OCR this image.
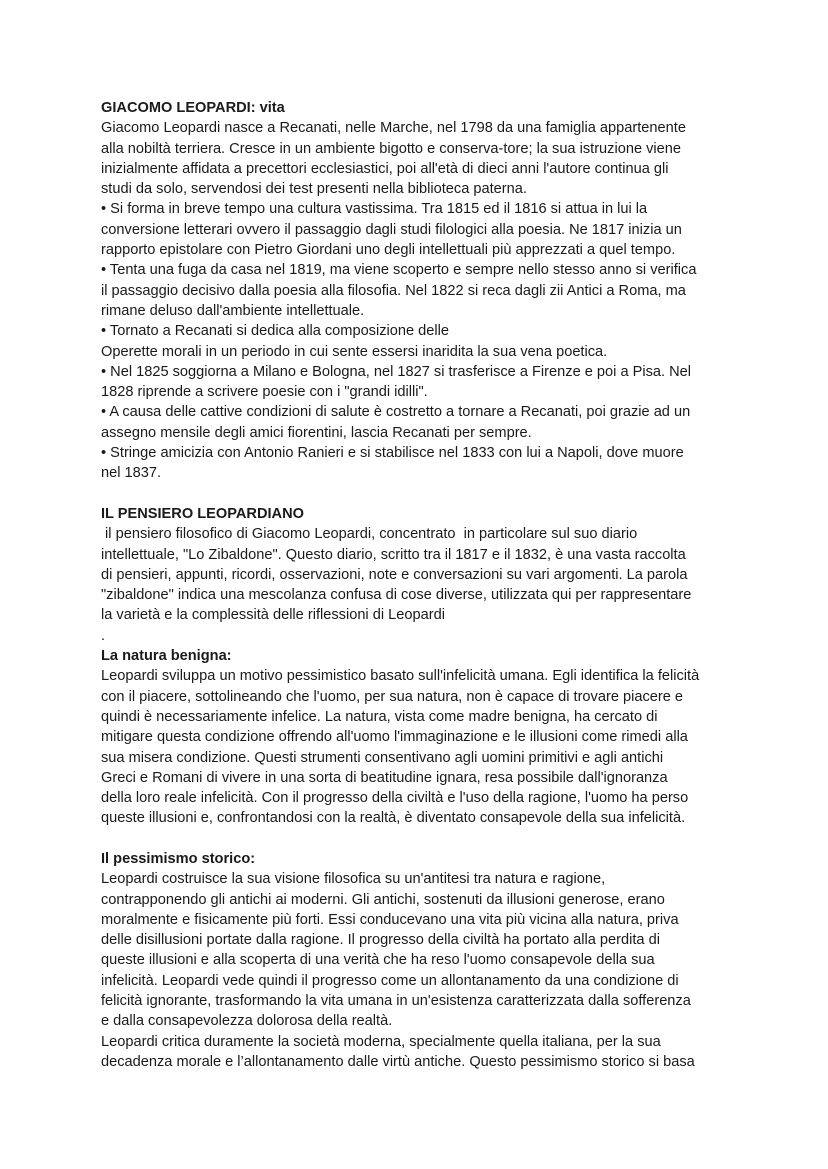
GIACOMO LEOPARDI: vita
Giacomo Leopardi nasce a Recanati, nelle Marche, nel 1798 da una famiglia appartenente
alla nobiltà terriera. Cresce in un ambiente bigotto e conserva-tore; la sua istruzione viene
inizialmente affidata a precettori ecclesiastici, poi all'età di dieci anni l'autore continua gli
studi da solo, servendosi dei test presenti nella biblioteca paterna.
• Si forma in breve tempo una cultura vastissima. Tra 1815 ed il 1816 si attua in lui la
conversione letterari ovvero il passaggio dagli studi filologici alla poesia. Ne 1817 inizia un
rapporto epistolare con Pietro Giordani uno degli intellettuali più apprezzati a quel tempo.
• Tenta una fuga da casa nel 1819, ma viene scoperto e sempre nello stesso anno si verifica
il passaggio decisivo dalla poesia alla filosofia. Nel 1822 si reca dagli zii Antici a Roma, ma
rimane deluso dall'ambiente intellettuale.
• Tornato a Recanati si dedica alla composizione delle
Operette morali in un periodo in cui sente essersi inaridita la sua vena poetica.
• Nel 1825 soggiorna a Milano e Bologna, nel 1827 si trasferisce a Firenze e poi a Pisa. Nel
1828 riprende a scrivere poesie con i "grandi idilli".
• A causa delle cattive condizioni di salute è costretto a tornare a Recanati, poi grazie ad un
assegno mensile degli amici fiorentini, lascia Recanati per sempre.
• Stringe amicizia con Antonio Ranieri e si stabilisce nel 1833 con lui a Napoli, dove muore
nel 1837.
IL PENSIERO LEOPARDIANO
il pensiero filosofico di Giacomo Leopardi, concentrato  in particolare sul suo diario
intellettuale, "Lo Zibaldone". Questo diario, scritto tra il 1817 e il 1832, è una vasta raccolta
di pensieri, appunti, ricordi, osservazioni, note e conversazioni su vari argomenti. La parola
"zibaldone" indica una mescolanza confusa di cose diverse, utilizzata qui per rappresentare
la varietà e la complessità delle riflessioni di Leopardi
.
La natura benigna:
Leopardi sviluppa un motivo pessimistico basato sull'infelicità umana. Egli identifica la felicità
con il piacere, sottolineando che l'uomo, per sua natura, non è capace di trovare piacere e
quindi è necessariamente infelice. La natura, vista come madre benigna, ha cercato di
mitigare questa condizione offrendo all'uomo l'immaginazione e le illusioni come rimedi alla
sua misera condizione. Questi strumenti consentivano agli uomini primitivi e agli antichi
Greci e Romani di vivere in una sorta di beatitudine ignara, resa possibile dall'ignoranza
della loro reale infelicità. Con il progresso della civiltà e l'uso della ragione, l'uomo ha perso
queste illusioni e, confrontandosi con la realtà, è diventato consapevole della sua infelicità.
Il pessimismo storico:
Leopardi costruisce la sua visione filosofica su un'antitesi tra natura e ragione,
contrapponendo gli antichi ai moderni. Gli antichi, sostenuti da illusioni generose, erano
moralmente e fisicamente più forti. Essi conducevano una vita più vicina alla natura, priva
delle disillusioni portate dalla ragione. Il progresso della civiltà ha portato alla perdita di
queste illusioni e alla scoperta di una verità che ha reso l'uomo consapevole della sua
infelicità. Leopardi vede quindi il progresso come un allontanamento da una condizione di
felicità ignorante, trasformando la vita umana in un'esistenza caratterizzata dalla sofferenza
e dalla consapevolezza dolorosa della realtà.
Leopardi critica duramente la società moderna, specialmente quella italiana, per la sua
decadenza morale e l’allontanamento dalle virtù antiche. Questo pessimismo storico si basa
